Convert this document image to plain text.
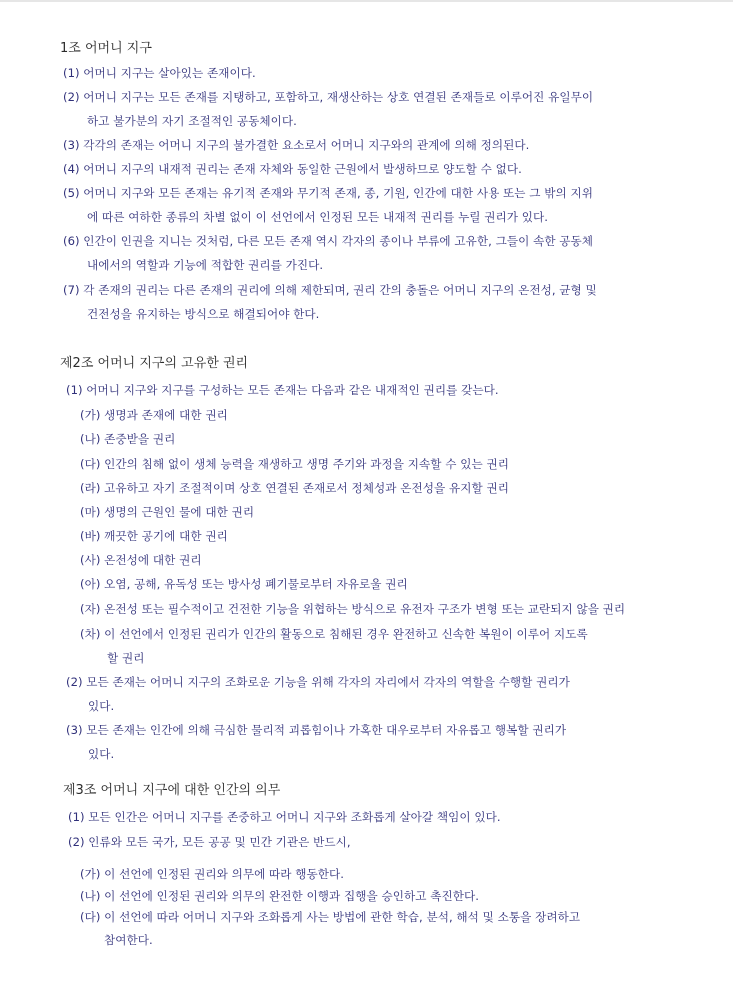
1조 어머니 지구
(1) 어머니 지구는 살아있는 존재이다.
(2) 어머니 지구는 모든 존재를 지탱하고, 포함하고, 재생산하는 상호 연결된 존재들로 이루어진 유일무이
하고 불가분의 자기 조절적인 공동체이다.
(3) 각각의 존재는 어머니 지구의 불가결한 요소로서 어머니 지구와의 관계에 의해 정의된다.
(4) 어머니 지구의 내재적 권리는 존재 자체와 동일한 근원에서 발생하므로 양도할 수 없다.
(5) 어머니 지구와 모든 존재는 유기적 존재와 무기적 존재, 종, 기원, 인간에 대한 사용 또는 그 밖의 지위
에 따른 여하한 종류의 차별 없이 이 선언에서 인정된 모든 내재적 권리를 누릴 권리가 있다.
(6) 인간이 인권을 지니는 것처럼, 다른 모든 존재 역시 각자의 종이나 부류에 고유한, 그들이 속한 공동체
내에서의 역할과 기능에 적합한 권리를 가진다.
(7) 각 존재의 권리는 다른 존재의 권리에 의해 제한되며, 권리 간의 충돌은 어머니 지구의 온전성, 균형 및
건전성을 유지하는 방식으로 해결되어야 한다.
제2조 어머니 지구의 고유한 권리
(1) 어머니 지구와 지구를 구성하는 모든 존재는 다음과 같은 내재적인 권리를 갖는다.
(가) 생명과 존재에 대한 권리
(나) 존중받을 권리
(다) 인간의 침해 없이 생체 능력을 재생하고 생명 주기와 과정을 지속할 수 있는 권리
(라) 고유하고 자기 조절적이며 상호 연결된 존재로서 정체성과 온전성을 유지할 권리
(마) 생명의 근원인 물에 대한 권리
(바) 깨끗한 공기에 대한 권리
(사) 온전성에 대한 권리
(아) 오염, 공해, 유독성 또는 방사성 폐기물로부터 자유로울 권리
(자) 온전성 또는 필수적이고 건전한 기능을 위협하는 방식으로 유전자 구조가 변형 또는 교란되지 않을 권리
(차) 이 선언에서 인정된 권리가 인간의 활동으로 침해된 경우 완전하고 신속한 복원이 이루어 지도록
할 권리
(2) 모든 존재는 어머니 지구의 조화로운 기능을 위해 각자의 자리에서 각자의 역할을 수행할 권리가
있다.
(3) 모든 존재는 인간에 의해 극심한 물리적 괴롭힘이나 가혹한 대우로부터 자유롭고 행복할 권리가
있다.
제3조 어머니 지구에 대한 인간의 의무
(1) 모든 인간은 어머니 지구를 존중하고 어머니 지구와 조화롭게 살아갈 책임이 있다.
(2) 인류와 모든 국가, 모든 공공 및 민간 기관은 반드시,
(가) 이 선언에 인정된 권리와 의무에 따라 행동한다.
(나) 이 선언에 인정된 권리와 의무의 완전한 이행과 집행을 승인하고 촉진한다.
(다) 이 선언에 따라 어머니 지구와 조화롭게 사는 방법에 관한 학습, 분석, 해석 및 소통을 장려하고
참여한다.
